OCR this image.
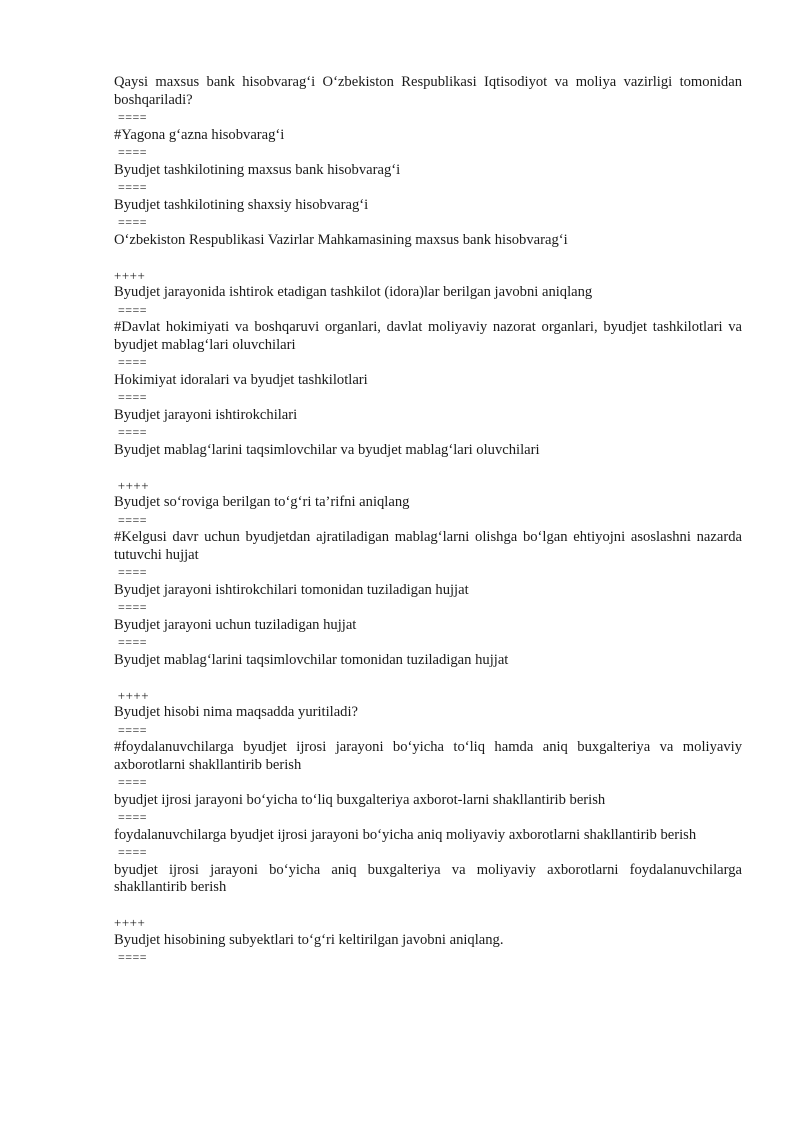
Qaysi maxsus bank hisobvarag‘i O‘zbekiston Respublikasi Iqtisodiyot va moliya vazirligi tomonidan boshqariladi?

====

#Yagona g‘azna hisobvarag‘i

====

Byudjet tashkilotining maxsus bank hisobvarag‘i

====

Byudjet tashkilotining shaxsiy hisobvarag‘i

====

O‘zbekiston Respublikasi Vazirlar Mahkamasining maxsus bank hisobvarag‘i

++++

Byudjet jarayonida ishtirok etadigan tashkilot (idora)lar berilgan javobni aniqlang

====

#Davlat hokimiyati va boshqaruvi organlari, davlat moliyaviy nazorat organlari, byudjet tashkilotlari va byudjet mablag‘lari oluvchilari

====

Hokimiyat idoralari va byudjet tashkilotlari

====

Byudjet jarayoni ishtirokchilari

====

Byudjet mablag‘larini taqsimlovchilar va byudjet mablag‘lari oluvchilari

++++

Byudjet so‘roviga berilgan to‘g‘ri ta’rifni aniqlang

====

#Kelgusi davr uchun byudjetdan ajratiladigan mablag‘larni olishga bo‘lgan ehtiyojni asoslashni nazarda tutuvchi hujjat

====

Byudjet jarayoni ishtirokchilari tomonidan tuziladigan hujjat

====

Byudjet jarayoni uchun tuziladigan hujjat

====

Byudjet mablag‘larini taqsimlovchilar tomonidan tuziladigan hujjat

++++

Byudjet hisobi nima maqsadda yuritiladi?

====

#foydalanuvchilarga byudjet ijrosi jarayoni bo‘yicha to‘liq hamda aniq buxgalteriya va moliyaviy axborotlarni shakllantirib berish

====

byudjet ijrosi jarayoni bo‘yicha to‘liq buxgalteriya axborot-larni shakllantirib berish

====

foydalanuvchilarga byudjet ijrosi jarayoni bo‘yicha aniq moliyaviy axborotlarni shakllantirib berish

====

byudjet ijrosi jarayoni bo‘yicha aniq buxgalteriya va moliyaviy axborotlarni foydalanuvchilarga shakllantirib berish

++++

Byudjet hisobining subyektlari to‘g‘ri keltirilgan javobni aniqlang.

====
